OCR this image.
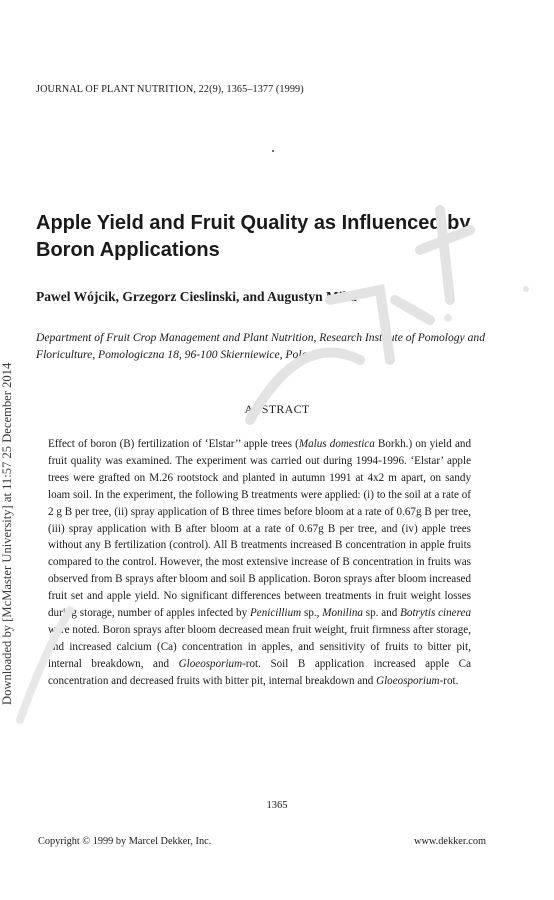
JOURNAL OF PLANT NUTRITION, 22(9), 1365–1377 (1999)
Apple Yield and Fruit Quality as Influenced by Boron Applications
Pawel Wójcik, Grzegorz Cieslinski, and Augustyn Mika
Department of Fruit Crop Management and Plant Nutrition, Research Institute of Pomology and Floriculture, Pomologiczna 18, 96-100 Skierniewice, Poland
ABSTRACT

Effect of boron (B) fertilization of ‘Elstar’’ apple trees (Malus domestica Borkh.) on yield and fruit quality was examined. The experiment was carried out during 1994-1996. ‘Elstar’ apple trees were grafted on M.26 rootstock and planted in autumn 1991 at 4x2 m apart, on sandy loam soil. In the experiment, the following B treatments were applied: (i) to the soil at a rate of 2 g B per tree, (ii) spray application of B three times before bloom at a rate of 0.67g B per tree, (iii) spray application with B after bloom at a rate of 0.67g B per tree, and (iv) apple trees without any B fertilization (control). All B treatments increased B concentration in apple fruits compared to the control. However, the most extensive increase of B concentration in fruits was observed from B sprays after bloom and soil B application. Boron sprays after bloom increased fruit set and apple yield. No significant differences between treatments in fruit weight losses during storage, number of apples infected by Penicillium sp., Monilina sp. and Botrytis cinerea were noted. Boron sprays after bloom decreased mean fruit weight, fruit firmness after storage, and increased calcium (Ca) concentration in apples, and sensitivity of fruits to bitter pit, internal breakdown, and Gloeosporium-rot. Soil B application increased apple Ca concentration and decreased fruits with bitter pit, internal breakdown and Gloeosporium-rot.

1365
Copyright © 1999 by Marcel Dekker, Inc.	www.dekker.com
Downloaded by [McMaster University] at 11:57 25 December 2014
